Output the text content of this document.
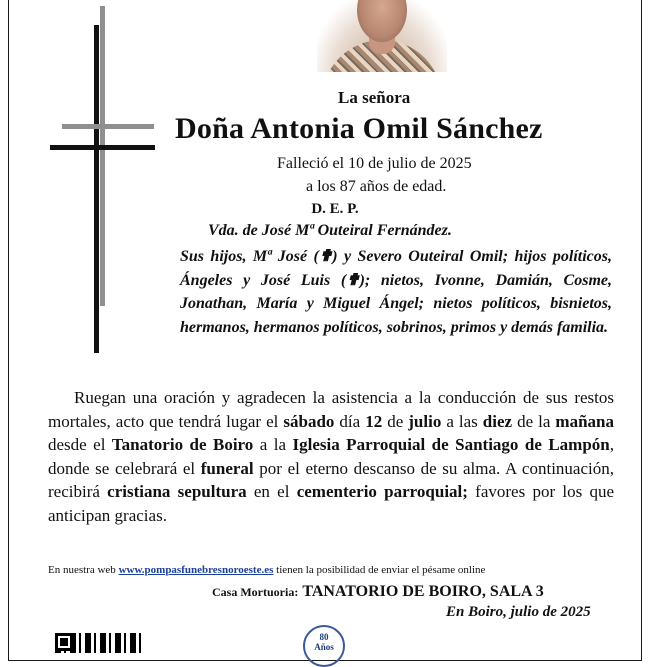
La señora
Doña Antonia Omil Sánchez
Falleció el 10 de julio de 2025
a los 87 años de edad.
D. E. P.
Vda. de José Mª Outeiral Fernández.
Sus hijos, Mª José (✟) y Severo Outeiral Omil; hijos políticos, Ángeles y José Luis (✟); nietos, Ivonne, Damián, Cosme, Jonathan, María y Miguel Ángel; nietos políticos, bisnietos, hermanos, hermanos políticos, sobrinos, primos y demás familia.
Ruegan una oración y agradecen la asistencia a la conducción de sus restos mortales, acto que tendrá lugar el sábado día 12 de julio a las diez de la mañana desde el Tanatorio de Boiro a la Iglesia Parroquial de Santiago de Lampón, donde se celebrará el funeral por el eterno descanso de su alma. A continuación, recibirá cristiana sepultura en el cementerio parroquial; favores por los que anticipan gracias.
En nuestra web www.pompasfunebresnoroeste.es tienen la posibilidad de enviar el pésame online
Casa Mortuoria: TANATORIO DE BOIRO, SALA 3
En Boiro, julio de 2025
80
Años
